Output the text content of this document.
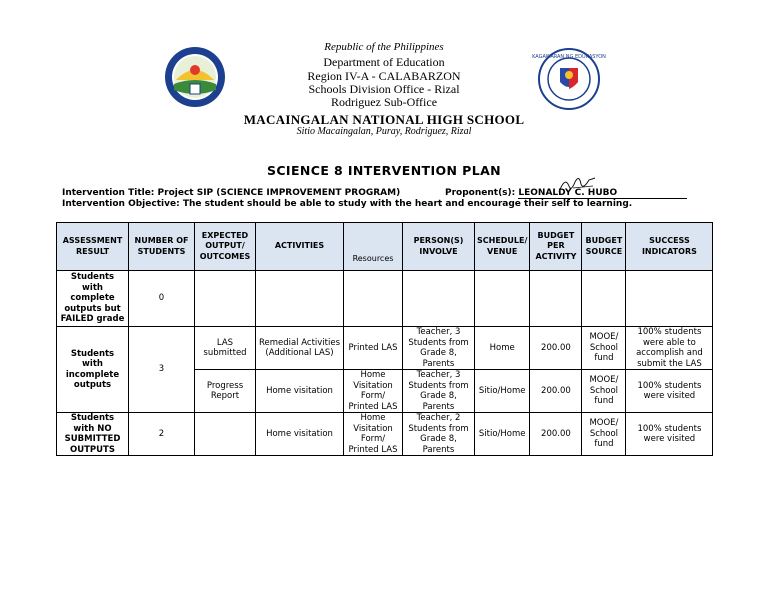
KAGAWARAN NG EDUKASYON
Republic of the Philippines
Department of Education
Region IV-A - CALABARZON
Schools Division Office - Rizal
Rodriguez Sub-Office
MACAINGALAN NATIONAL HIGH SCHOOL
Sitio Macaingalan, Puray, Rodriguez, Rizal
SCIENCE 8 INTERVENTION PLAN
Intervention Title: Project SIP (SCIENCE IMPROVEMENT PROGRAM)	Proponent(s): LEONALDY C. HUBO
Intervention Objective: The student should be able to study with the heart and encourage their self to learning.
ASSESSMENT RESULT	NUMBER OF STUDENTS	EXPECTED OUTPUT/ OUTCOMES	ACTIVITIES	Resources	PERSON(S) INVOLVE	SCHEDULE/ VENUE	BUDGET PER ACTIVITY	BUDGET SOURCE	SUCCESS INDICATORS
Students with complete outputs but FAILED grade	0								
Students with incomplete outputs	3	LAS submitted	Remedial Activities (Additional LAS)	Printed LAS	Teacher, 3 Students from Grade 8, Parents	Home	200.00	MOOE/ School fund	100% students were able to accomplish and submit the LAS
		Progress Report	Home visitation	Home Visitation Form/ Printed LAS	Teacher, 3 Students from Grade 8, Parents	Sitio/Home	200.00	MOOE/ School fund	100% students were visited
Students with NO SUBMITTED OUTPUTS	2		Home visitation	Home Visitation Form/ Printed LAS	Teacher, 2 Students from Grade 8, Parents	Sitio/Home	200.00	MOOE/ School fund	100% students were visited
